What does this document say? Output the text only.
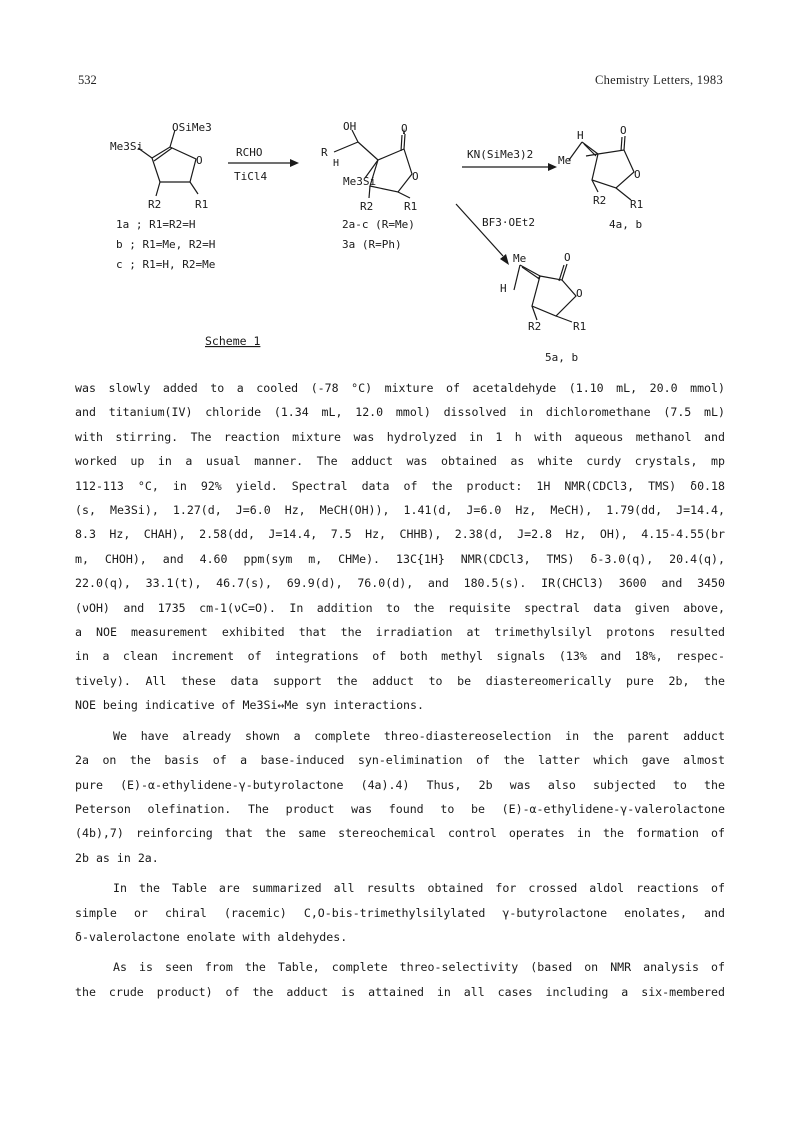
532	Chemistry Letters, 1983
OSiMe3
Me3Si
O
R2	R1
1a ; R1=R2=H
b ; R1=Me, R2=H
c ; R1=H, R2=Me
RCHO
TiCl4
OH
R
H
O
O
Me3Si
R2	R1
2a-c (R=Me)
3a (R=Ph)
KN(SiMe3)2
H	O
Me
O
R2 R1
4a, b
BF3·OEt2
Me	O
H	O
R2	R1
5a, b
Scheme 1

was slowly added to a cooled (-78 °C) mixture of acetaldehyde (1.10 mL, 20.0 mmol)
and titanium(IV) chloride (1.34 mL, 12.0 mmol) dissolved in dichloromethane (7.5 mL)
with stirring. The reaction mixture was hydrolyzed in 1 h with aqueous methanol and
worked up in a usual manner. The adduct was obtained as white curdy crystals, mp
112-113 °C, in 92% yield. Spectral data of the product: 1H NMR(CDCl3, TMS) δ0.18
(s, Me3Si), 1.27(d, J=6.0 Hz, MeCH(OH)), 1.41(d, J=6.0 Hz, MeCH), 1.79(dd, J=14.4,
8.3 Hz, CHAH), 2.58(dd, J=14.4, 7.5 Hz, CHHB), 2.38(d, J=2.8 Hz, OH), 4.15-4.55(br
m, CHOH), and 4.60 ppm(sym m, CHMe). 13C{1H} NMR(CDCl3, TMS) δ-3.0(q), 20.4(q),
22.0(q), 33.1(t), 46.7(s), 69.9(d), 76.0(d), and 180.5(s). IR(CHCl3) 3600 and 3450
(νOH) and 1735 cm-1(νC=O). In addition to the requisite spectral data given above,
a NOE measurement exhibited that the irradiation at trimethylsilyl protons resulted
in a clean increment of integrations of both methyl signals (13% and 18%, respec-
tively). All these data support the adduct to be diastereomerically pure 2b, the
NOE being indicative of Me3Si↔Me syn interactions.

We have already shown a complete threo-diastereoselection in the parent adduct
2a on the basis of a base-induced syn-elimination of the latter which gave almost
pure (E)-α-ethylidene-γ-butyrolactone (4a).4) Thus, 2b was also subjected to the
Peterson olefination. The product was found to be (E)-α-ethylidene-γ-valerolactone
(4b),7) reinforcing that the same stereochemical control operates in the formation of
2b as in 2a.

In the Table are summarized all results obtained for crossed aldol reactions of
simple or chiral (racemic) C,O-bis-trimethylsilylated γ-butyrolactone enolates, and
δ-valerolactone enolate with aldehydes.

As is seen from the Table, complete threo-selectivity (based on NMR analysis of
the crude product) of the adduct is attained in all cases including a six-membered
